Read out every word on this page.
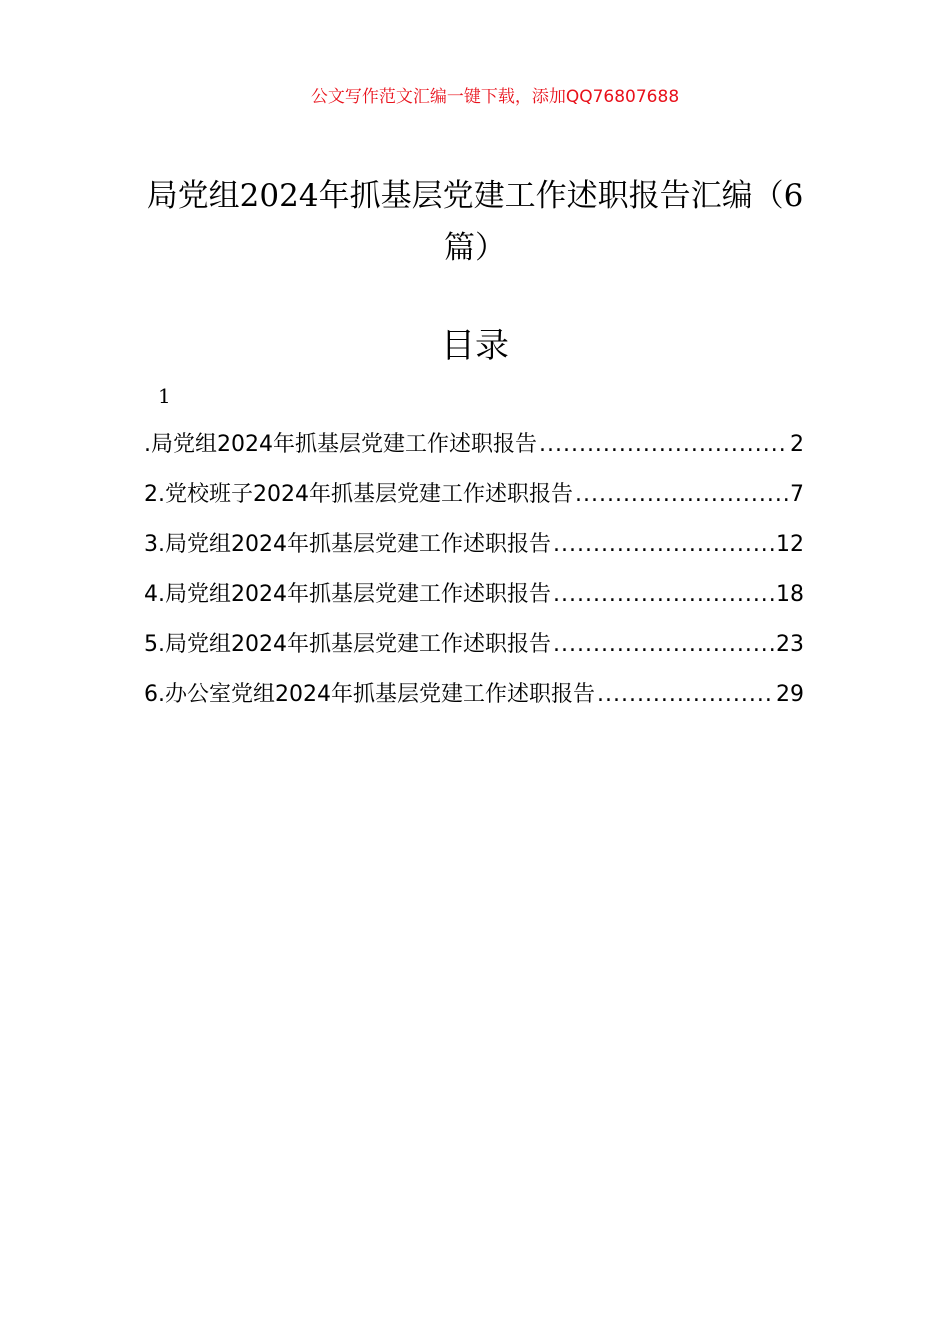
公文写作范文汇编一键下载，添加QQ76807688
局党组2024年抓基层党建工作述职报告汇编（6篇）
目录
1
.局党组2024年抓基层党建工作述职报告 .....	2
2.党校班子2024年抓基层党建工作述职报告 .....	7
3.局党组2024年抓基层党建工作述职报告 .....	12
4.局党组2024年抓基层党建工作述职报告 .....	18
5.局党组2024年抓基层党建工作述职报告 .....	23
6.办公室党组2024年抓基层党建工作述职报告 .....	29
